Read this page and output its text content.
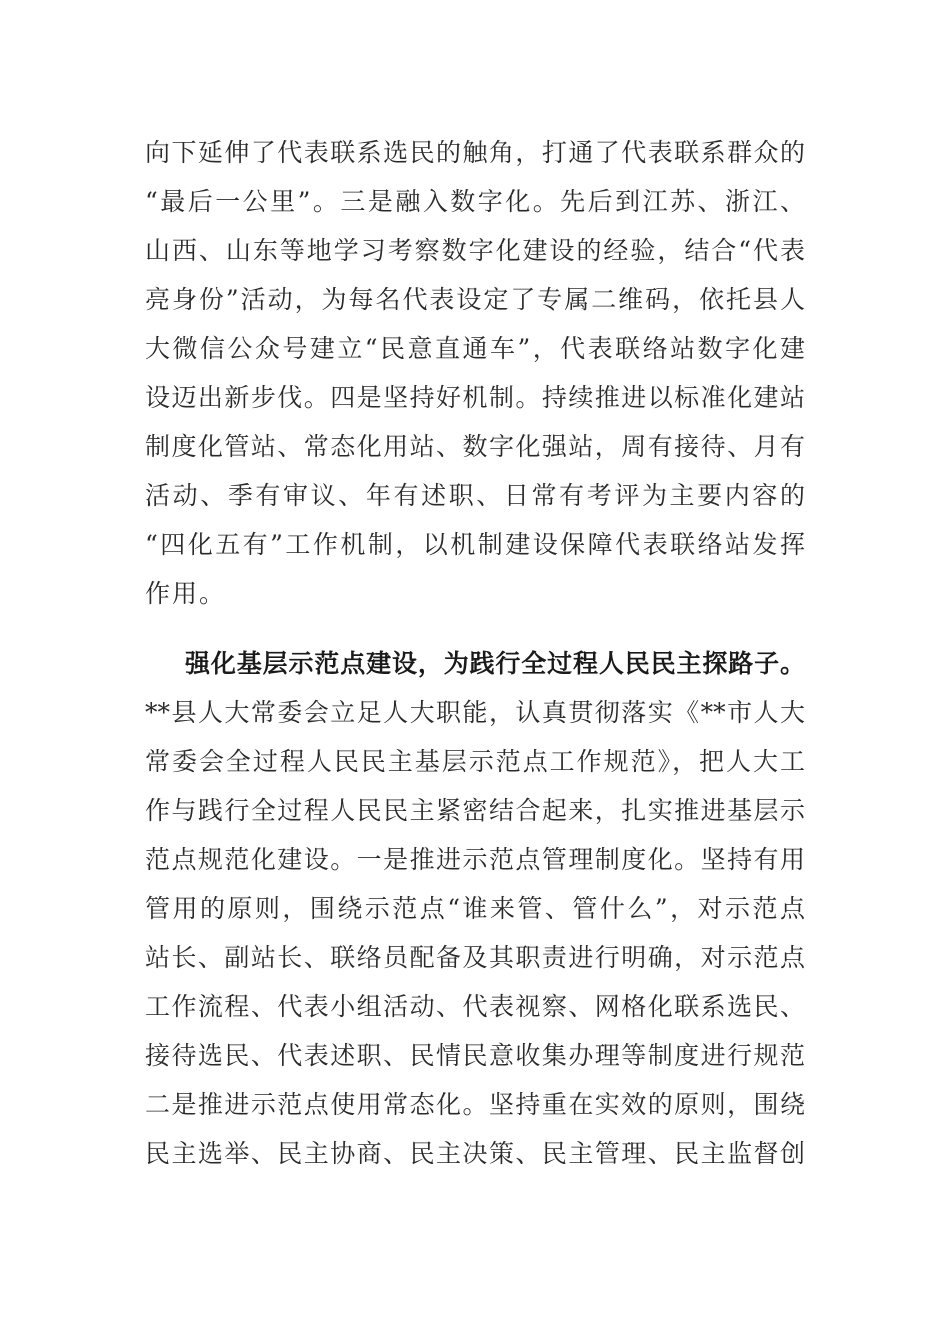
向下延伸了代表联系选民的触角，打通了代表联系群众的
“最后一公里”。三是融入数字化。先后到江苏、浙江、
山西、山东等地学习考察数字化建设的经验，结合“代表
亮身份”活动，为每名代表设定了专属二维码，依托县人
大微信公众号建立“民意直通车”，代表联络站数字化建
设迈出新步伐。四是坚持好机制。持续推进以标准化建站
制度化管站、常态化用站、数字化强站，周有接待、月有
活动、季有审议、年有述职、日常有考评为主要内容的
“四化五有”工作机制，以机制建设保障代表联络站发挥
作用。
强化基层示范点建设，为践行全过程人民民主探路子。
**县人大常委会立足人大职能，认真贯彻落实《**市人大
常委会全过程人民民主基层示范点工作规范》，把人大工
作与践行全过程人民民主紧密结合起来，扎实推进基层示
范点规范化建设。一是推进示范点管理制度化。坚持有用
管用的原则，围绕示范点“谁来管、管什么”，对示范点
站长、副站长、联络员配备及其职责进行明确，对示范点
工作流程、代表小组活动、代表视察、网格化联系选民、
接待选民、代表述职、民情民意收集办理等制度进行规范
二是推进示范点使用常态化。坚持重在实效的原则，围绕
民主选举、民主协商、民主决策、民主管理、民主监督创
